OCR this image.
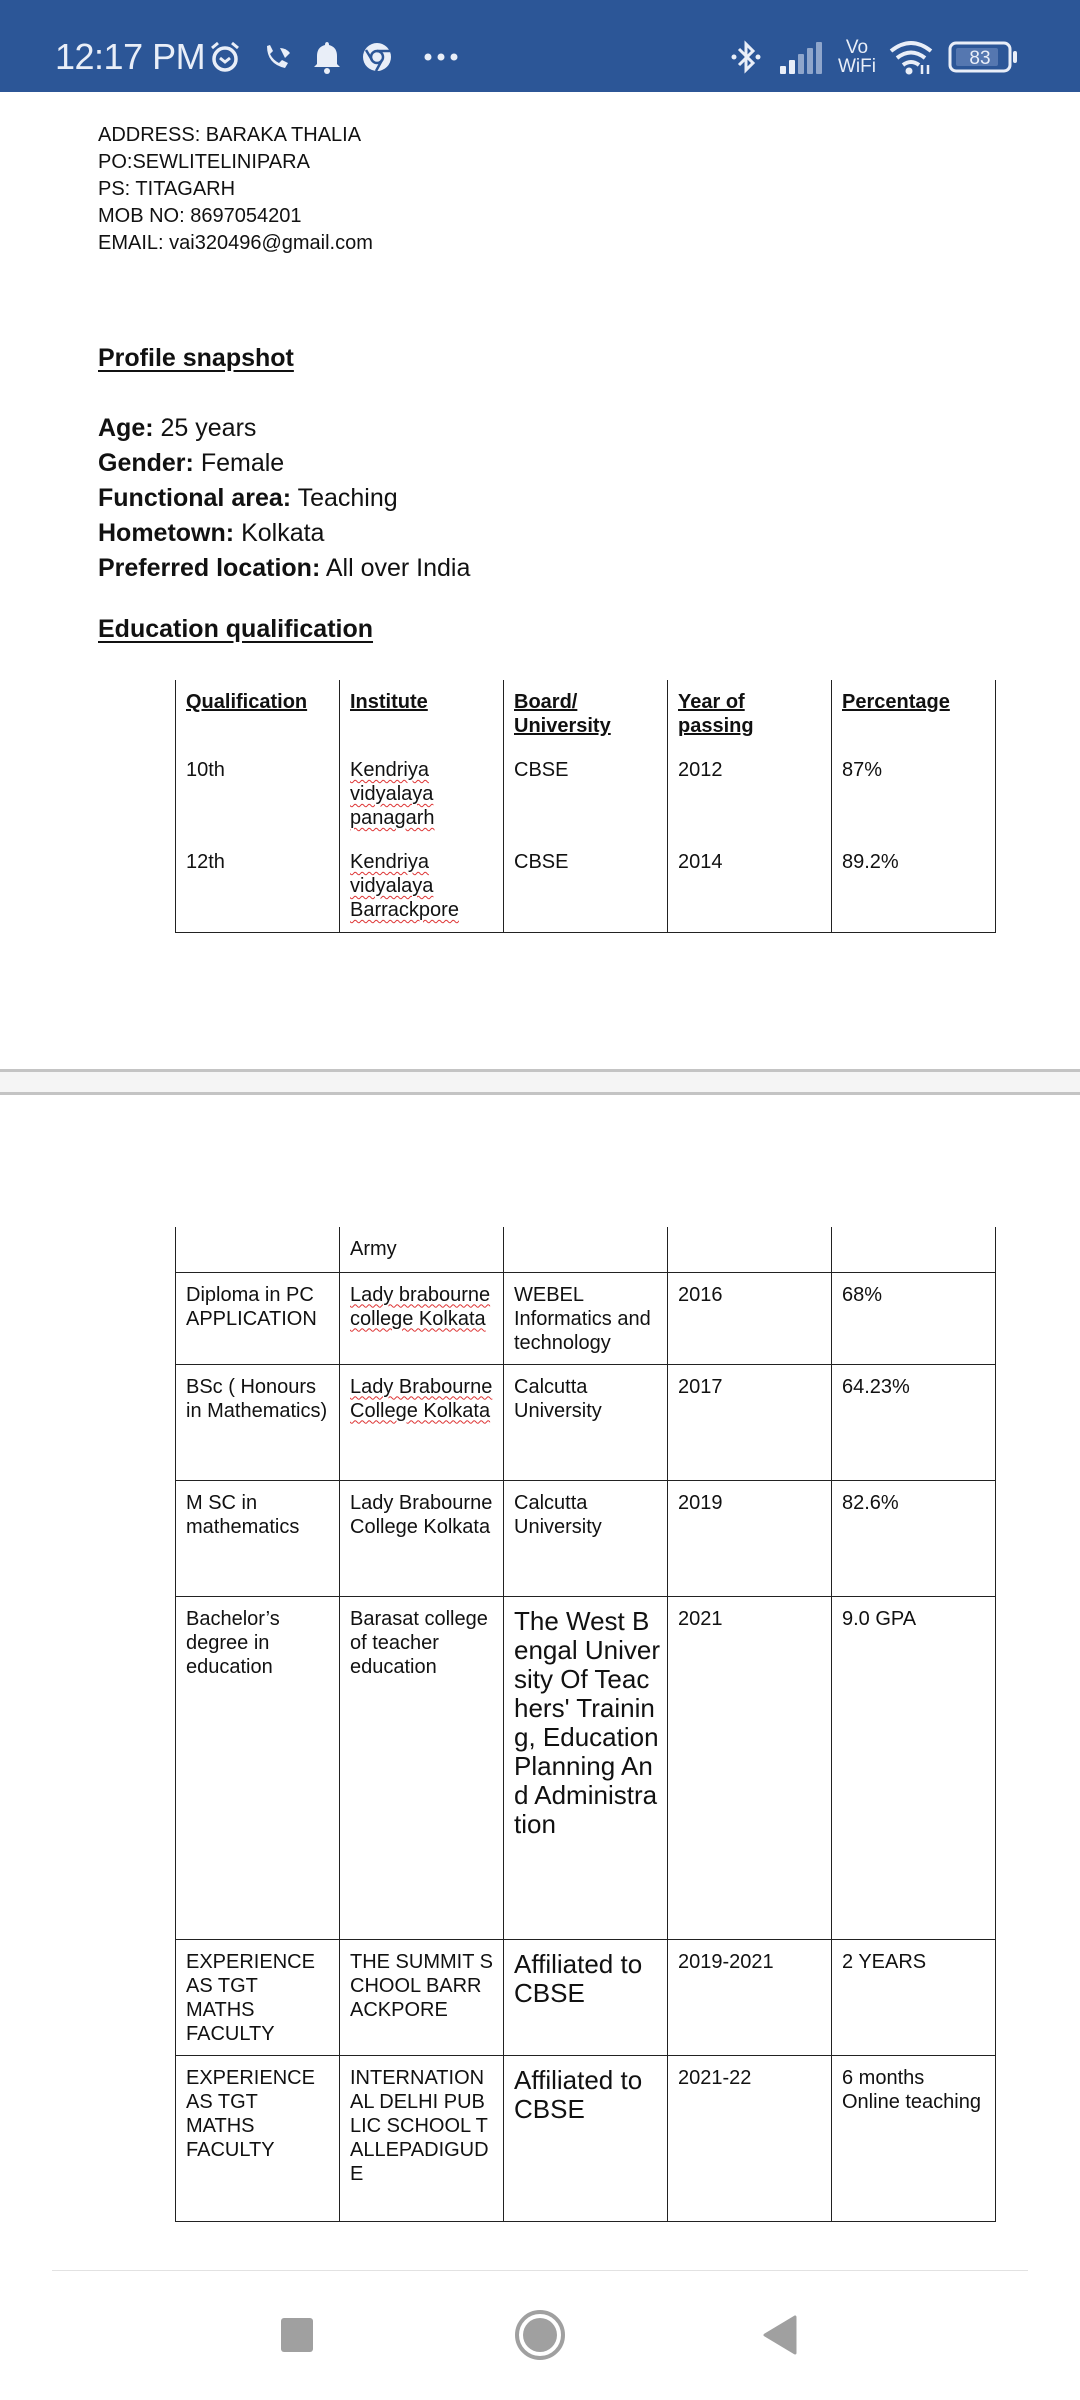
12:17 PM	Vo
WiFi	83
ADDRESS: BARAKA THALIA
PO:SEWLITELINIPARA
PS: TITAGARH
MOB NO: 8697054201
EMAIL: vai320496@gmail.com
Profile snapshot
Age: 25 years
Gender: Female
Functional area: Teaching
Hometown: Kolkata
Preferred location: All over India
Education qualification
Qualification	Institute	Board/ University	Year of passing	Percentage
10th	Kendriya vidyalaya panagarh	CBSE	2012	87%
12th	Kendriya vidyalaya Barrackpore	CBSE	2014	89.2%
	Army			
Diploma in PC APPLICATION	Lady brabourne college Kolkata	WEBEL Informatics and technology	2016	68%
BSc ( Honours in Mathematics)	Lady Brabourne College Kolkata	Calcutta University	2017	64.23%
M SC in mathematics	Lady Brabourne College Kolkata	Calcutta University	2019	82.6%
Bachelor’s degree in education	Barasat college of teacher education	The West Bengal University Of Teachers' Training, Education Planning And Administration	2021	9.0 GPA
EXPERIENCE AS TGT MATHS FACULTY	THE SUMMIT SCHOOL BARRACKPORE	Affiliated to CBSE	2019-2021	2 YEARS
EXPERIENCE AS TGT MATHS FACULTY	INTERNATIONAL DELHI PUBLIC SCHOOL TALLEPADIGUDE	Affiliated to CBSE	2021-22	6 months Online teaching
